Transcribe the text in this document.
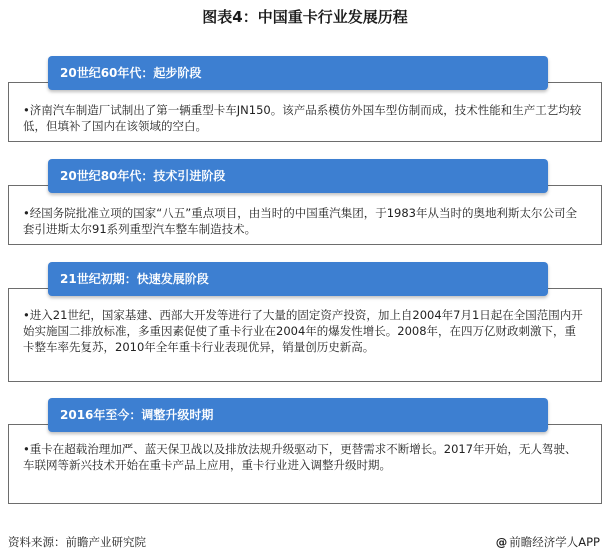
图表4：中国重卡行业发展历程
•济南汽车制造厂试制出了第一辆重型卡车JN150。该产品系模仿外国车型仿制而成，技术性能和生产工艺均较低，但填补了国内在该领域的空白。
20世纪60年代：起步阶段
•经国务院批准立项的国家“八五”重点项目，由当时的中国重汽集团，于1983年从当时的奥地利斯太尔公司全套引进斯太尔91系列重型汽车整车制造技术。
20世纪80年代：技术引进阶段
•进入21世纪，国家基建、西部大开发等进行了大量的固定资产投资，加上自2004年7月1日起在全国范围内开始实施国二排放标准，多重因素促使了重卡行业在2004年的爆发性增长。2008年，在四万亿财政刺激下，重卡整车率先复苏，2010年全年重卡行业表现优异，销量创历史新高。
21世纪初期：快速发展阶段
•重卡在超载治理加严、蓝天保卫战以及排放法规升级驱动下，更替需求不断增长。2017年开始，无人驾驶、车联网等新兴技术开始在重卡产品上应用，重卡行业进入调整升级时期。
2016年至今：调整升级时期
资料来源：前瞻产业研究院	@ 前瞻经济学人APP
